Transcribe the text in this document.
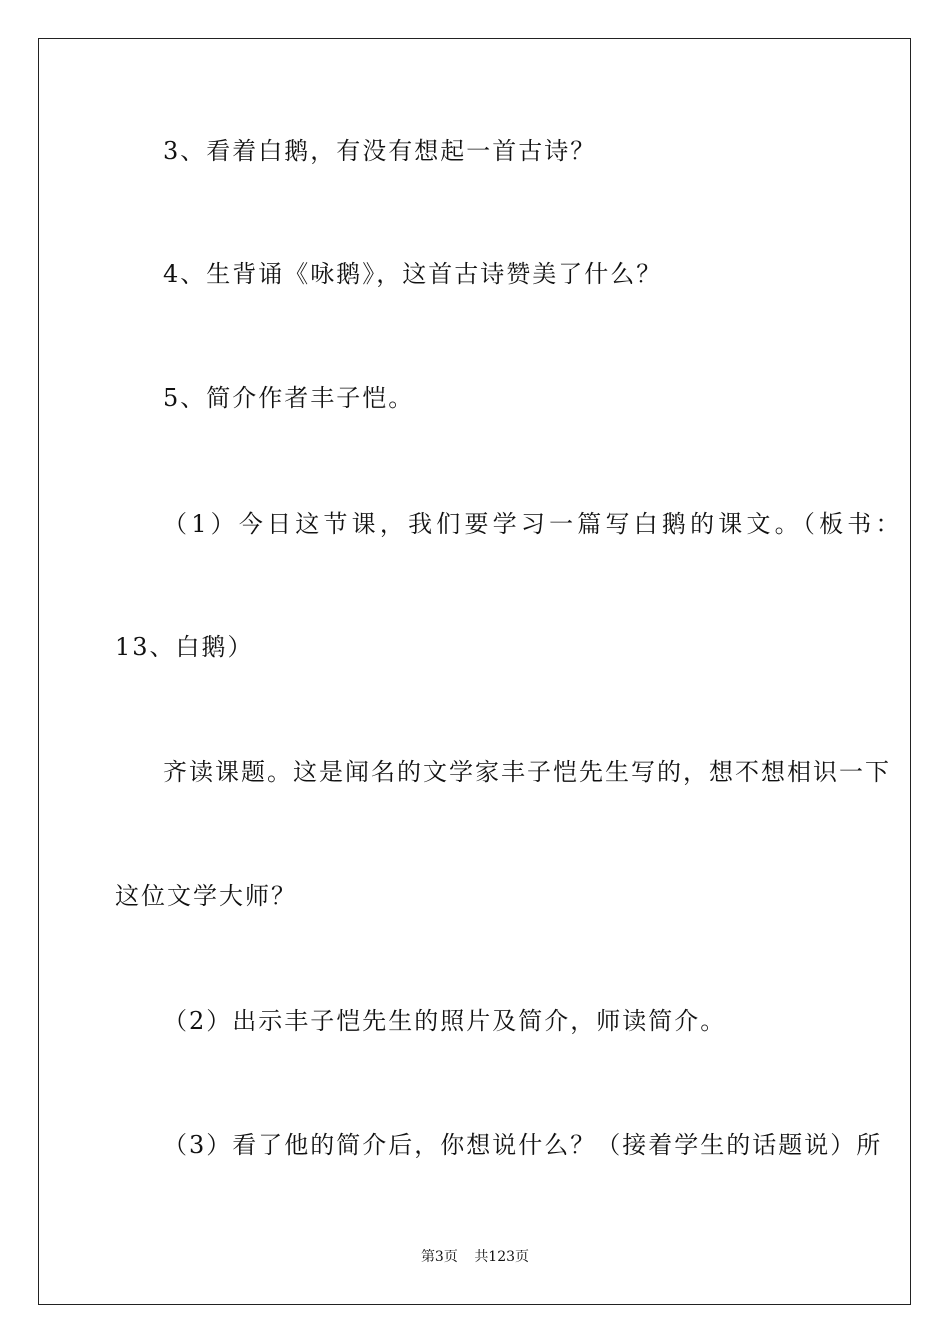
3、看着白鹅，有没有想起一首古诗？
4、生背诵《咏鹅》，这首古诗赞美了什么？
5、简介作者丰子恺。
（1）今日这节课，我们要学习一篇写白鹅的课文。（板书：
13、白鹅）
齐读课题。这是闻名的文学家丰子恺先生写的，想不想相识一下
这位文学大师？
（2）出示丰子恺先生的照片及简介，师读简介。
（3）看了他的简介后，你想说什么？（接着学生的话题说）所
第3页 共123页
